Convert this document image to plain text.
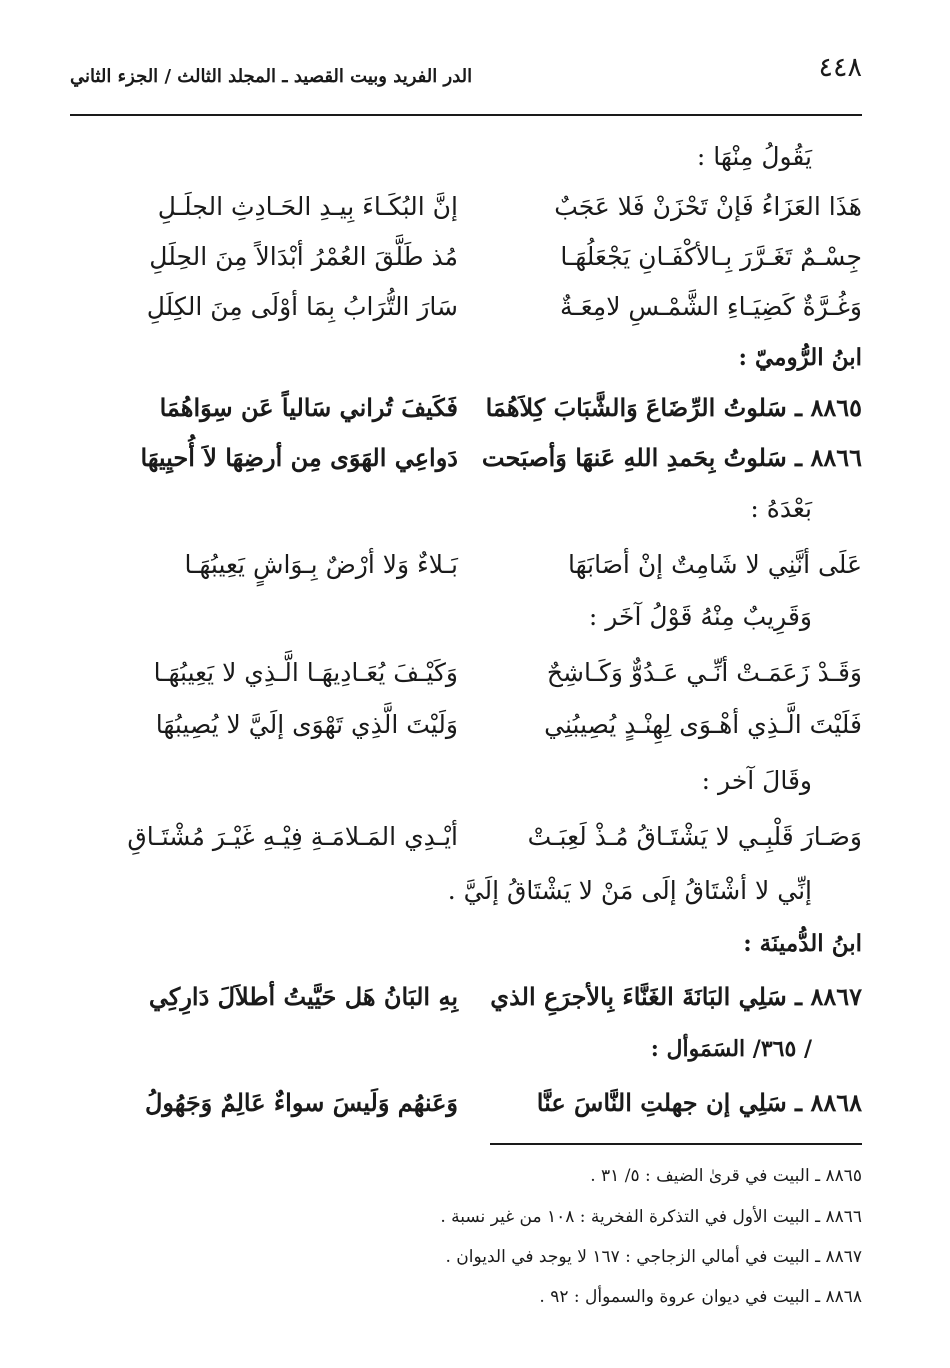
٤٤٨
الدر الفريد وبيت القصيد ـ المجلد الثالث / الجزء الثاني
يَقُولُ مِنْهَا :
هَذَا العَزَاءُ فَإنْ تَحْزَنْ فَلا عَجَبٌ
إنَّ البُكَـاءَ بِيـدِ الحَـادِثِ الجلَـلِ
جِسْـمٌ تَغَـرَّرَ بِـالأكْفَـانِ يَجْعَلُهَـا
مُذ طَلَّقَ العُمْرُ أبْدَالاً مِنَ الحِلَلِ
وَغُـرَّةٌ كَضِيَـاءِ الشَّمْـسِ لامِعَـةٌ
سَارَ التُّرَابُ بِمَا أوْلَى مِنَ الكِلَلِ
ابنُ الرُّوميّ :
٨٨٦٥ ـ سَلوتُ الرِّضَاعَ وَالشَّبَابَ كِلاَهُمَا
فَكَيفَ تُراني سَالياً عَن سِوَاهُمَا
٨٨٦٦ ـ سَلوتُ بِحَمدِ اللهِ عَنهَا وَأصبَحت
دَواعِي الهَوَى مِن أرضِهَا لاَ أُحيِيهَا
بَعْدَهُ :
عَلَى أنَّنِي لا شَامِتٌ إنْ أصَابَهَا
بَـلاءٌ وَلا أرْضٌ بِـوَاشٍ يَعِيبُهَـا
وَقَرِيبٌ مِنْهُ قَوْلُ آخَر :
وَقَـدْ زَعَمَـتْ أنِّـي عَـدُوٌّ وَكَـاشِحٌ
وَكَيْـفَ يُعَـادِيهَـا الَّـذِي لا يَعِيبُهَـا
فَلَيْتَ الَّـذِي أهْـوَى لِهِنْـدٍ يُصِيبُنِي
وَلَيْتَ الَّذِي تَهْوَى إلَيَّ لا يُصِيبُهَا
وقَالَ آخر :
وَصَـارَ قَلْبِـي لا يَشْتَـاقُ مُـذْ لَعِبَـتْ
أيْـدِي المَـلامَـةِ فِيْـهِ غَيْـرَ مُشْتَـاقِ
إنِّي لا أشْتَاقُ إلَى مَنْ لا يَشْتَاقُ إلَيَّ .
ابنُ الدُّمينَة :
٨٨٦٧ ـ سَلِي البَانَةَ الغَنَّاءَ بِالأجرَعِ الذي
بِهِ البَانُ هَل حَيَّيتُ أطلاَلَ دَارِكِي
/ ٣٦٥/ السَمَوأل :
٨٨٦٨ ـ سَلِي إن جهلتِ النَّاسَ عنَّا
وَعَنهُم وَلَيسَ سواءٌ عَالِمٌ وَجَهُولُ
٨٨٦٥ ـ البيت في قرىٰ الضيف : ٥/ ٣١ .
٨٨٦٦ ـ البيت الأول في التذكرة الفخرية : ١٠٨ من غير نسبة .
٨٨٦٧ ـ البيت في أمالي الزجاجي : ١٦٧ لا يوجد في الديوان .
٨٨٦٨ ـ البيت في ديوان عروة والسموأل : ٩٢ .
